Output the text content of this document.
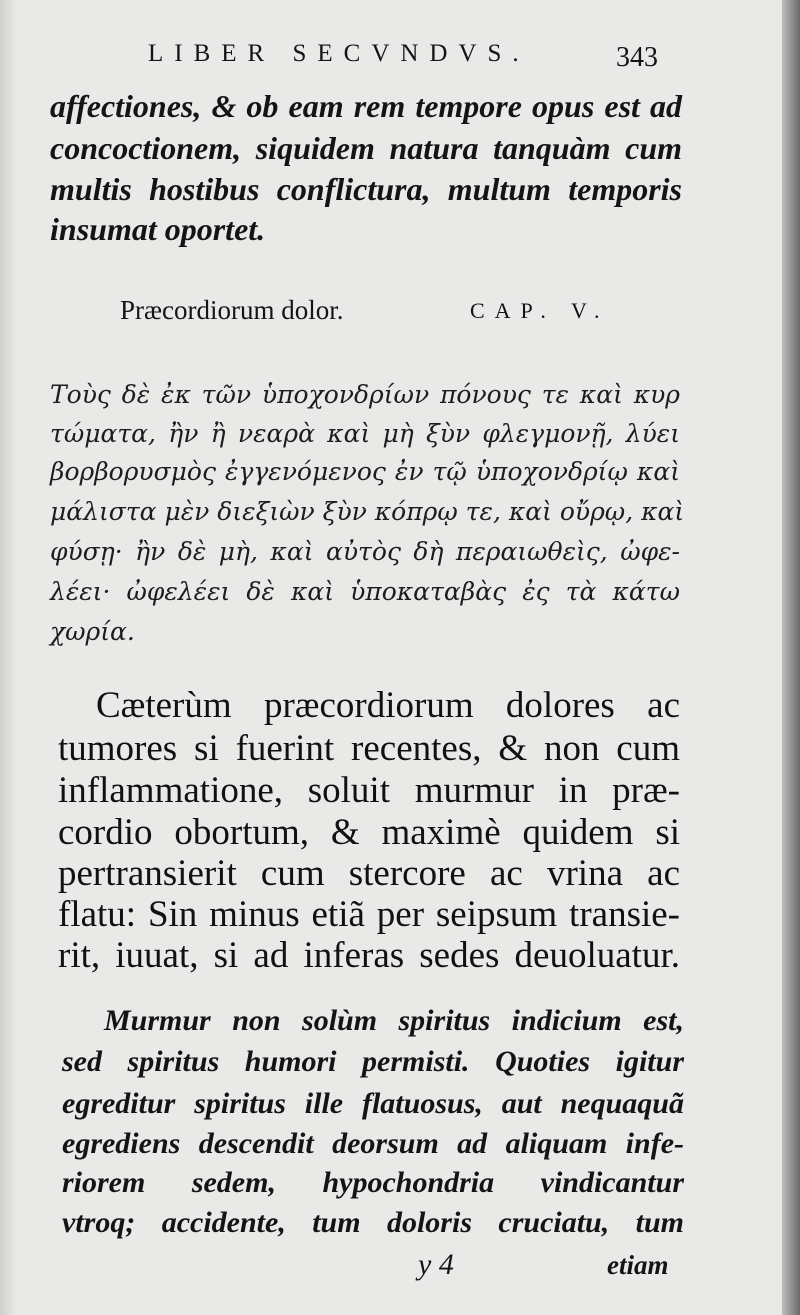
LIBER SECVNDVS.	343
affectiones, & ob eam rem tempore opus est ad
concoctionem, siquidem natura tanquàm cum
multis hostibus conflictura, multum temporis
insumat oportet.
Præcordiorum dolor.	CAP. V.
Τοὺς δὲ ἐκ τῶν ὑποχονδρίων πόνους τε καὶ κυρ
τώματα, ἢν ἢ νεαρὰ καὶ μὴ ξὺν φλεγμονῇ, λύει
βορβορυσμὸς ἐγγενόμενος ἐν τῷ ὑποχονδρίῳ καὶ
μάλιστα μὲν διεξιὼν ξὺν κόπρῳ τε, καὶ οὔρῳ, καὶ
φύσῃ· ἢν δὲ μὴ, καὶ αὐτὸς δὴ περαιωθεὶς, ὠφε-
λέει· ὠφελέει δὲ καὶ ὑποκαταβὰς ἐς τὰ κάτω
χωρία.
Cæterùm præcordiorum dolores ac
tumores si fuerint recentes, & non cum
inflammatione, soluit murmur in præ-
cordio obortum, & maximè quidem si
pertransierit cum stercore ac vrina ac
flatu: Sin minus etiã per seipsum transie-
rit, iuuat, si ad inferas sedes deuoluatur.
Murmur non solùm spiritus indicium est,
sed spiritus humori permisti. Quoties igitur
egreditur spiritus ille flatuosus, aut nequaquã
egrediens descendit deorsum ad aliquam infe-
riorem sedem, hypochondria vindicantur
vtroq; accidente, tum doloris cruciatu, tum
y 4	etiam
